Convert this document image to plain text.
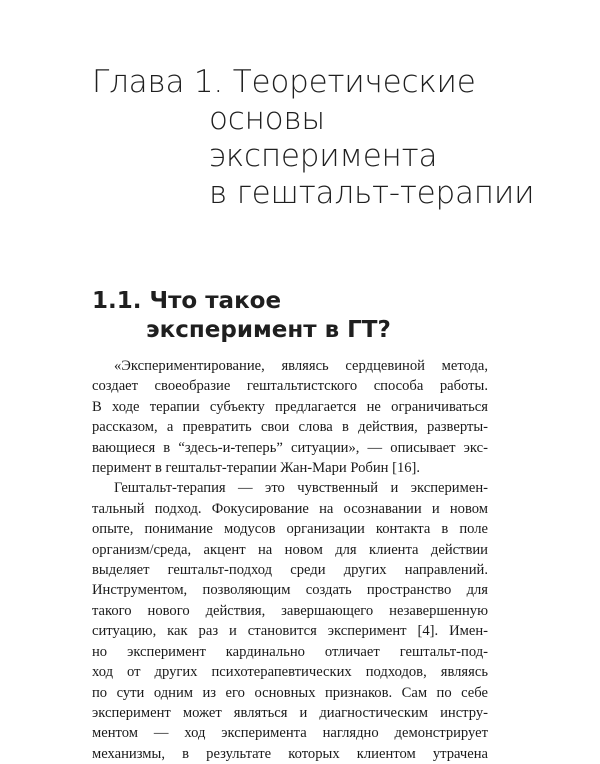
Глава 1. Теоретические
основы
эксперимента
в гештальт-терапии
1.1. Что такое
эксперимент в ГТ?
«Экспериментирование, являясь сердцевиной метода,
создает своеобразие гештальтистского способа работы.
В ходе терапии субъекту предлагается не ограничиваться
рассказом, а превратить свои слова в действия, разверты-
вающиеся в “здесь-и-теперь” ситуации», — описывает экс-
перимент в гештальт-терапии Жан-Мари Робин [16].
Гештальт-терапия — это чувственный и эксперимен-
тальный подход. Фокусирование на осознавании и новом
опыте, понимание модусов организации контакта в поле
организм/среда, акцент на новом для клиента действии
выделяет гештальт-подход среди других направлений.
Инструментом, позволяющим создать пространство для
такого нового действия, завершающего незавершенную
ситуацию, как раз и становится эксперимент [4]. Имен-
но эксперимент кардинально отличает гештальт-под-
ход от других психотерапевтических подходов, являясь
по сути одним из его основных признаков. Сам по себе
эксперимент может являться и диагностическим инстру-
ментом — ход эксперимента наглядно демонстрирует
механизмы, в результате которых клиентом утрачена
